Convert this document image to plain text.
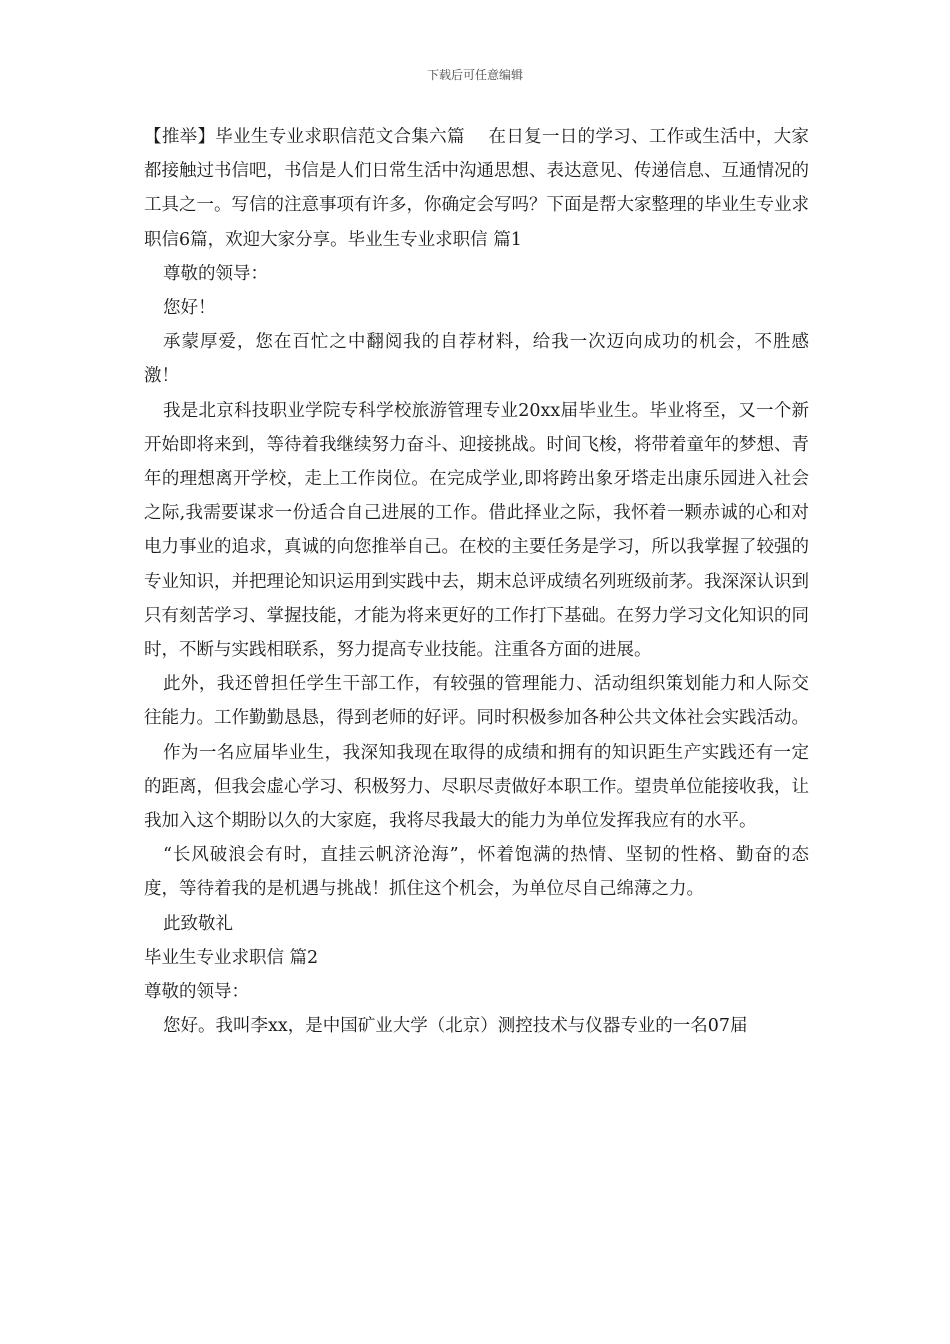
下载后可任意编辑

【推举】毕业生专业求职信范文合集六篇　 在日复一日的学习、工作或生活中，大家都接触过书信吧，书信是人们日常生活中沟通思想、表达意见、传递信息、互通情况的工具之一。写信的注意事项有许多，你确定会写吗？下面是帮大家整理的毕业生专业求职信6篇，欢迎大家分享。毕业生专业求职信 篇1

尊敬的领导：

您好！

承蒙厚爱，您在百忙之中翻阅我的自荐材料，给我一次迈向成功的机会，不胜感激！

我是北京科技职业学院专科学校旅游管理专业20xx届毕业生。毕业将至，又一个新开始即将来到，等待着我继续努力奋斗、迎接挑战。时间飞梭，将带着童年的梦想、青年的理想离开学校，走上工作岗位。在完成学业,即将跨出象牙塔走出康乐园进入社会之际,我需要谋求一份适合自己进展的工作。借此择业之际，我怀着一颗赤诚的心和对电力事业的追求，真诚的向您推举自己。在校的主要任务是学习，所以我掌握了较强的专业知识，并把理论知识运用到实践中去，期末总评成绩名列班级前茅。我深深认识到只有刻苦学习、掌握技能，才能为将来更好的工作打下基础。在努力学习文化知识的同时，不断与实践相联系，努力提高专业技能。注重各方面的进展。

此外，我还曾担任学生干部工作，有较强的管理能力、活动组织策划能力和人际交往能力。工作勤勤恳恳，得到老师的好评。同时积极参加各种公共文体社会实践活动。

作为一名应届毕业生，我深知我现在取得的成绩和拥有的知识距生产实践还有一定的距离，但我会虚心学习、积极努力、尽职尽责做好本职工作。望贵单位能接收我，让我加入这个期盼以久的大家庭，我将尽我最大的能力为单位发挥我应有的水平。

“长风破浪会有时，直挂云帆济沧海”，怀着饱满的热情、坚韧的性格、勤奋的态度，等待着我的是机遇与挑战！抓住这个机会，为单位尽自己绵薄之力。

此致敬礼

毕业生专业求职信 篇2

尊敬的领导：

您好。我叫李xx，是中国矿业大学（北京）测控技术与仪器专业的一名07届
